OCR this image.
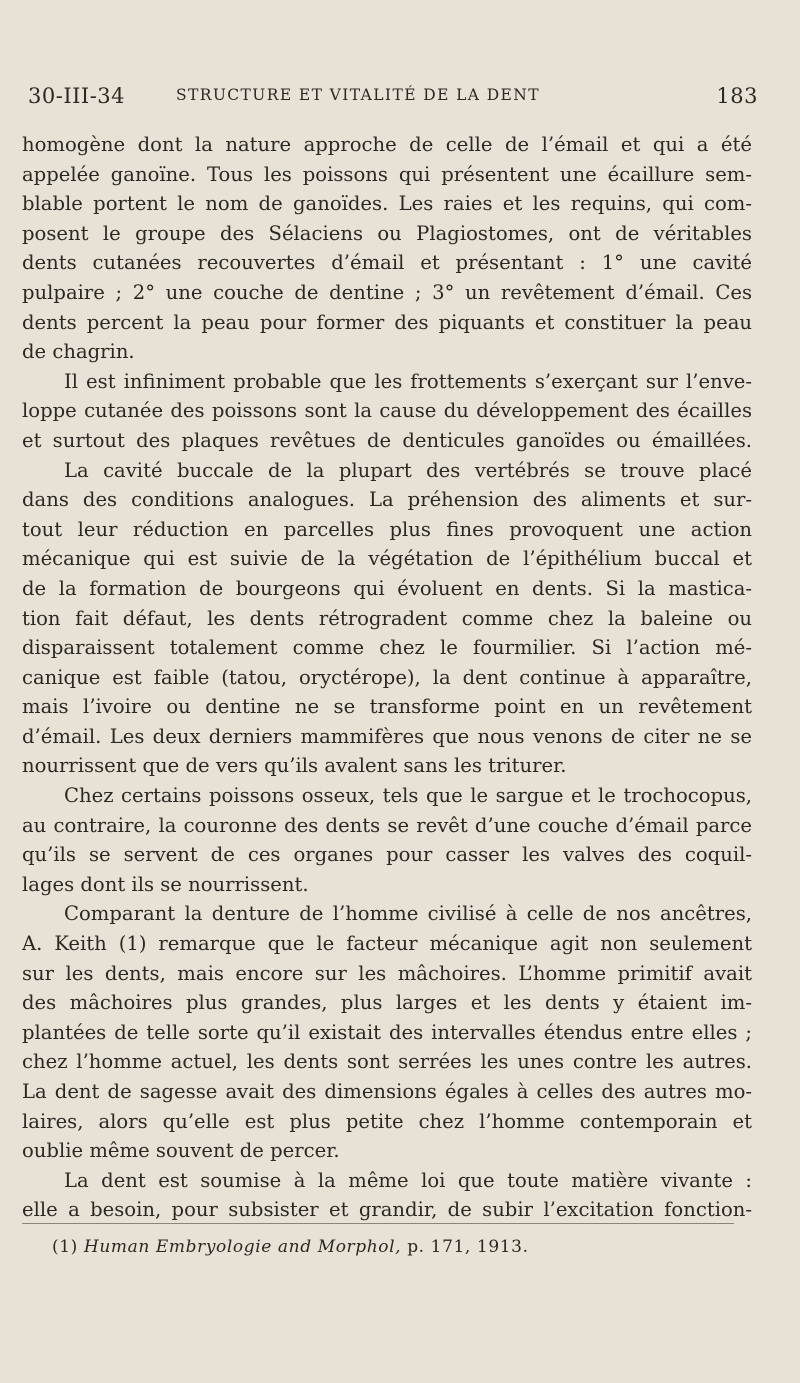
30-III-34	STRUCTURE ET VITALITÉ DE LA DENT	183
homogène dont la nature approche de celle de l’émail et qui a été
appelée ganoïne. Tous les poissons qui présentent une écaillure sem-
blable portent le nom de ganoïdes. Les raies et les requins, qui com-
posent le groupe des Sélaciens ou Plagiostomes, ont de véritables
dents cutanées recouvertes d’émail et présentant : 1° une cavité
pulpaire ; 2° une couche de dentine ; 3° un revêtement d’émail. Ces
dents percent la peau pour former des piquants et constituer la peau
de chagrin.
Il est infiniment probable que les frottements s’exerçant sur l’enve-
loppe cutanée des poissons sont la cause du développement des écailles
et surtout des plaques revêtues de denticules ganoïdes ou émaillées.
La cavité buccale de la plupart des vertébrés se trouve placé
dans des conditions analogues. La préhension des aliments et sur-
tout leur réduction en parcelles plus fines provoquent une action
mécanique qui est suivie de la végétation de l’épithélium buccal et
de la formation de bourgeons qui évoluent en dents. Si la mastica-
tion fait défaut, les dents rétrogradent comme chez la baleine ou
disparaissent totalement comme chez le fourmilier. Si l’action mé-
canique est faible (tatou, oryctérope), la dent continue à apparaître,
mais l’ivoire ou dentine ne se transforme point en un revêtement
d’émail. Les deux derniers mammifères que nous venons de citer ne se
nourrissent que de vers qu’ils avalent sans les triturer.
Chez certains poissons osseux, tels que le sargue et le trochocopus,
au contraire, la couronne des dents se revêt d’une couche d’émail parce
qu’ils se servent de ces organes pour casser les valves des coquil-
lages dont ils se nourrissent.
Comparant la denture de l’homme civilisé à celle de nos ancêtres,
A. Keith (1) remarque que le facteur mécanique agit non seulement
sur les dents, mais encore sur les mâchoires. L’homme primitif avait
des mâchoires plus grandes, plus larges et les dents y étaient im-
plantées de telle sorte qu’il existait des intervalles étendus entre elles ;
chez l’homme actuel, les dents sont serrées les unes contre les autres.
La dent de sagesse avait des dimensions égales à celles des autres mo-
laires, alors qu’elle est plus petite chez l’homme contemporain et
oublie même souvent de percer.
La dent est soumise à la même loi que toute matière vivante :
elle a besoin, pour subsister et grandir, de subir l’excitation fonction-
(1) Human Embryologie and Morphol, p. 171, 1913.
